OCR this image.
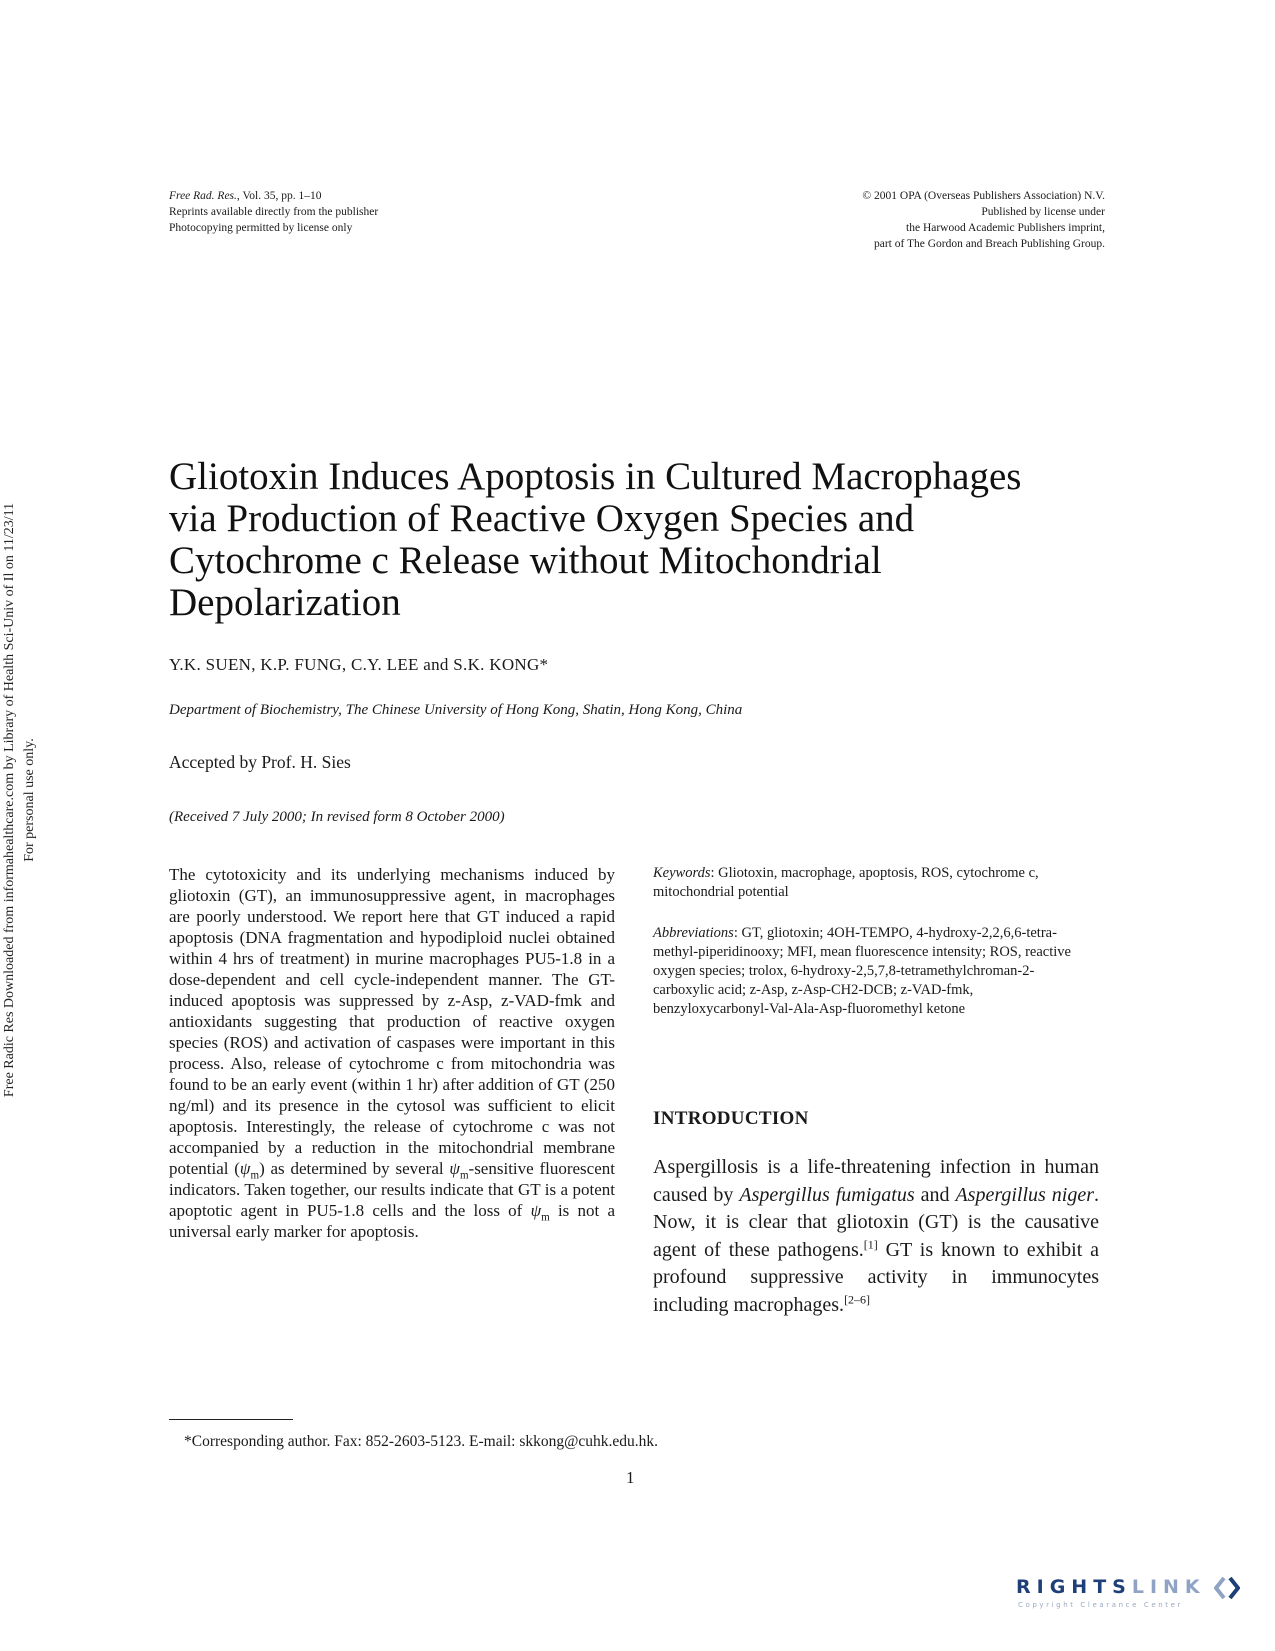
Free Rad. Res., Vol. 35, pp. 1–10
Reprints available directly from the publisher
Photocopying permitted by license only
© 2001 OPA (Overseas Publishers Association) N.V.
Published by license under
the Harwood Academic Publishers imprint,
part of The Gordon and Breach Publishing Group.
Free Radic Res Downloaded from informahealthcare.com by Library of Health Sci-Univ of Il on 11/23/11 For personal use only.
Gliotoxin Induces Apoptosis in Cultured Macrophages
via Production of Reactive Oxygen Species and
Cytochrome c Release without Mitochondrial
Depolarization
Y.K. SUEN, K.P. FUNG, C.Y. LEE and S.K. KONG*
Department of Biochemistry, The Chinese University of Hong Kong, Shatin, Hong Kong, China
Accepted by Prof. H. Sies
(Received 7 July 2000; In revised form 8 October 2000)
The cytotoxicity and its underlying mechanisms induced by gliotoxin (GT), an immunosuppressive agent, in macrophages are poorly understood. We report here that GT induced a rapid apoptosis (DNA fragmentation and hypodiploid nuclei obtained within 4 hrs of treatment) in murine macrophages PU5-1.8 in a dose-dependent and cell cycle-independent manner. The GT-induced apoptosis was suppressed by z-Asp, z-VAD-fmk and antioxidants suggesting that production of reactive oxygen species (ROS) and activation of caspases were important in this process. Also, release of cytochrome c from mitochondria was found to be an early event (within 1 hr) after addition of GT (250 ng/ml) and its presence in the cytosol was sufficient to elicit apoptosis. Interestingly, the release of cytochrome c was not accompanied by a reduction in the mitochondrial membrane potential $(\psi_m)$ as determined by several $\psi_m$-sensitive fluorescent indicators. Taken together, our results indicate that GT is a potent apoptotic agent in PU5-1.8 cells and the loss of $\psi_m$ is not a universal early marker for apoptosis.
Keywords: Gliotoxin, macrophage, apoptosis, ROS, cytochrome c, mitochondrial potential
Abbreviations: GT, gliotoxin; 4OH-TEMPO, 4-hydroxy-2,2,6,6-tetra-methyl-piperidinooxy; MFI, mean fluorescence intensity; ROS, reactive oxygen species; trolox, 6-hydroxy-2,5,7,8-tetramethylchroman-2-carboxylic acid; z-Asp, z-Asp-CH2-DCB; z-VAD-fmk, benzyloxycarbonyl-Val-Ala-Asp-fluoromethyl ketone
INTRODUCTION
Aspergillosis is a life-threatening infection in human caused by Aspergillus fumigatus and Aspergillus niger. Now, it is clear that gliotoxin (GT) is the causative agent of these pathogens.[1] GT is known to exhibit a profound suppressive activity in immunocytes including macrophages.[2–6]
*Corresponding author. Fax: 852-2603-5123. E-mail: skkong@cuhk.edu.hk.
1
RIGHTSLINK
Copyright Clearance Center
